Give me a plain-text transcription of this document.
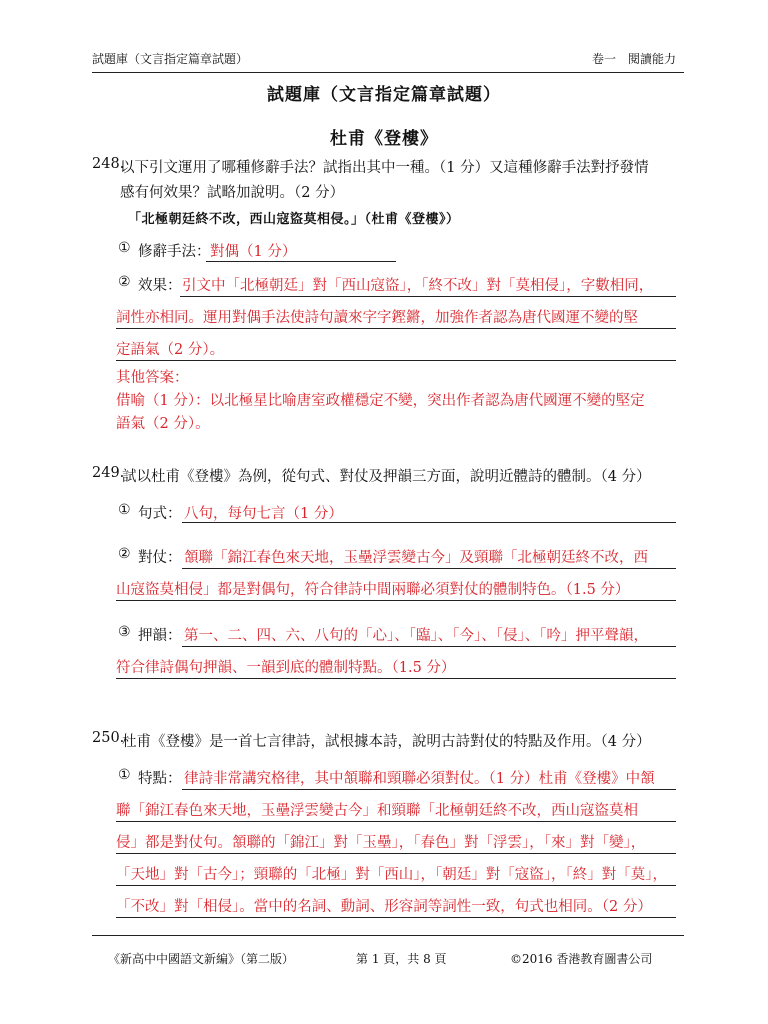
試題庫（文言指定篇章試題）	卷一　閱讀能力
試題庫（文言指定篇章試題）
杜甫《登樓》
248.
以下引文運用了哪種修辭手法？試指出其中一種。（1 分）又這種修辭手法對抒發情
感有何效果？試略加說明。（2 分）
「北極朝廷終不改，西山寇盜莫相侵。」（杜甫《登樓》）
① 修辭手法： 對偶（1 分）
② 效果： 引文中「北極朝廷」對「西山寇盜」，「終不改」對「莫相侵」，字數相同，
詞性亦相同。運用對偶手法使詩句讀來字字鏗鏘，加強作者認為唐代國運不變的堅
定語氣（2 分）。
其他答案：
借喻（1 分）：以北極星比喻唐室政權穩定不變，突出作者認為唐代國運不變的堅定
語氣（2 分）。
249.
試以杜甫《登樓》為例，從句式、對仗及押韻三方面，說明近體詩的體制。（4 分）
① 句式： 八句，每句七言（1 分）
② 對仗： 頷聯「錦江春色來天地，玉壘浮雲變古今」及頸聯「北極朝廷終不改，西
山寇盜莫相侵」都是對偶句，符合律詩中間兩聯必須對仗的體制特色。（1.5 分）
③ 押韻： 第一、二、四、六、八句的「心」、「臨」、「今」、「侵」、「吟」押平聲韻，
符合律詩偶句押韻、一韻到底的體制特點。（1.5 分）
250.
杜甫《登樓》是一首七言律詩，試根據本詩，說明古詩對仗的特點及作用。（4 分）
① 特點： 律詩非常講究格律，其中頷聯和頸聯必須對仗。（1 分）杜甫《登樓》中頷
聯「錦江春色來天地，玉壘浮雲變古今」和頸聯「北極朝廷終不改，西山寇盜莫相
侵」都是對仗句。頷聯的「錦江」對「玉壘」，「春色」對「浮雲」，「來」對「變」，
「天地」對「古今」；頸聯的「北極」對「西山」，「朝廷」對「寇盜」，「終」對「莫」，
「不改」對「相侵」。當中的名詞、動詞、形容詞等詞性一致，句式也相同。（2 分）
《新高中中國語文新編》（第二版）	第 1 頁，共 8 頁	©2016 香港教育圖書公司
